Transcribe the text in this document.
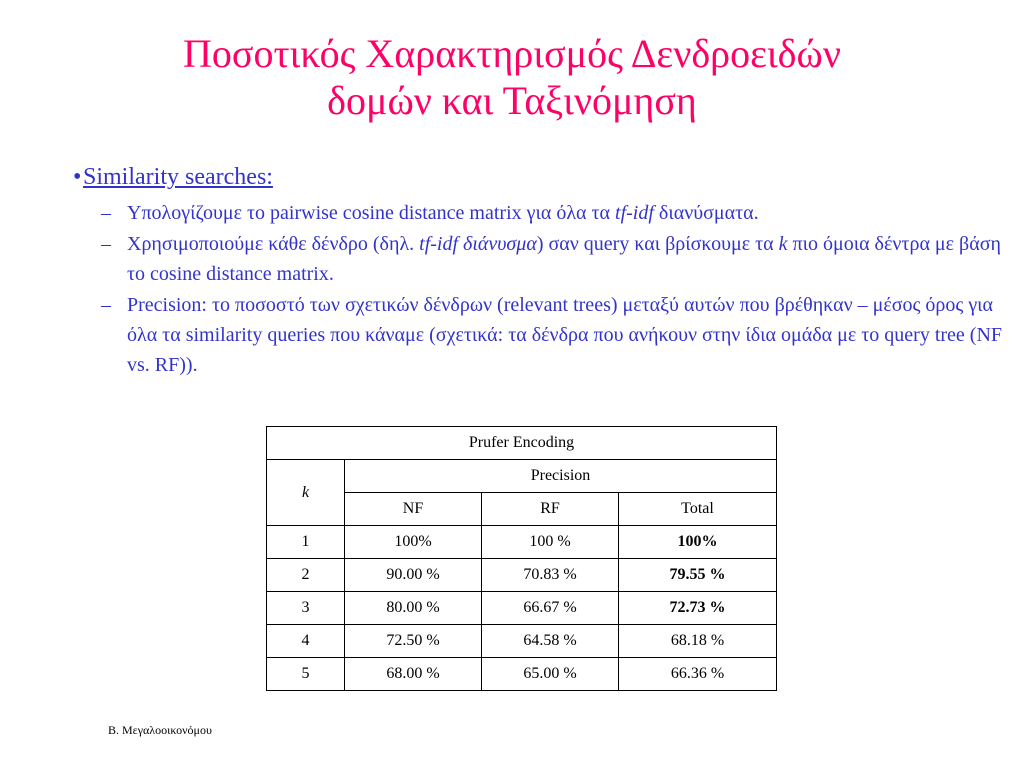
Ποσοτικός Χαρακτηρισμός Δενδροειδών
δομών και Ταξινόμηση
• Similarity searches:
– Υπολογίζουμε το pairwise cosine distance matrix για όλα τα tf-idf διανύσματα.
– Χρησιμοποιούμε κάθε δένδρο (δηλ. tf-idf διάνυσμα) σαν query και βρίσκουμε τα k πιο όμοια δέντρα με βάση το cosine distance matrix.
– Precision: το ποσοστό των σχετικών δένδρων (relevant trees) μεταξύ αυτών που βρέθηκαν – μέσος όρος για όλα τα similarity queries που κάναμε (σχετικά: τα δένδρα που ανήκουν στην ίδια ομάδα με το query tree (NF vs. RF)).
Prufer Encoding			
k	Precision		
	NF	RF	Total
1	100%	100 %	100%
2	90.00 %	70.83 %	79.55 %
3	80.00 %	66.67 %	72.73 %
4	72.50 %	64.58 %	68.18 %
5	68.00 %	65.00 %	66.36 %
Β. Μεγαλοοικονόμου
